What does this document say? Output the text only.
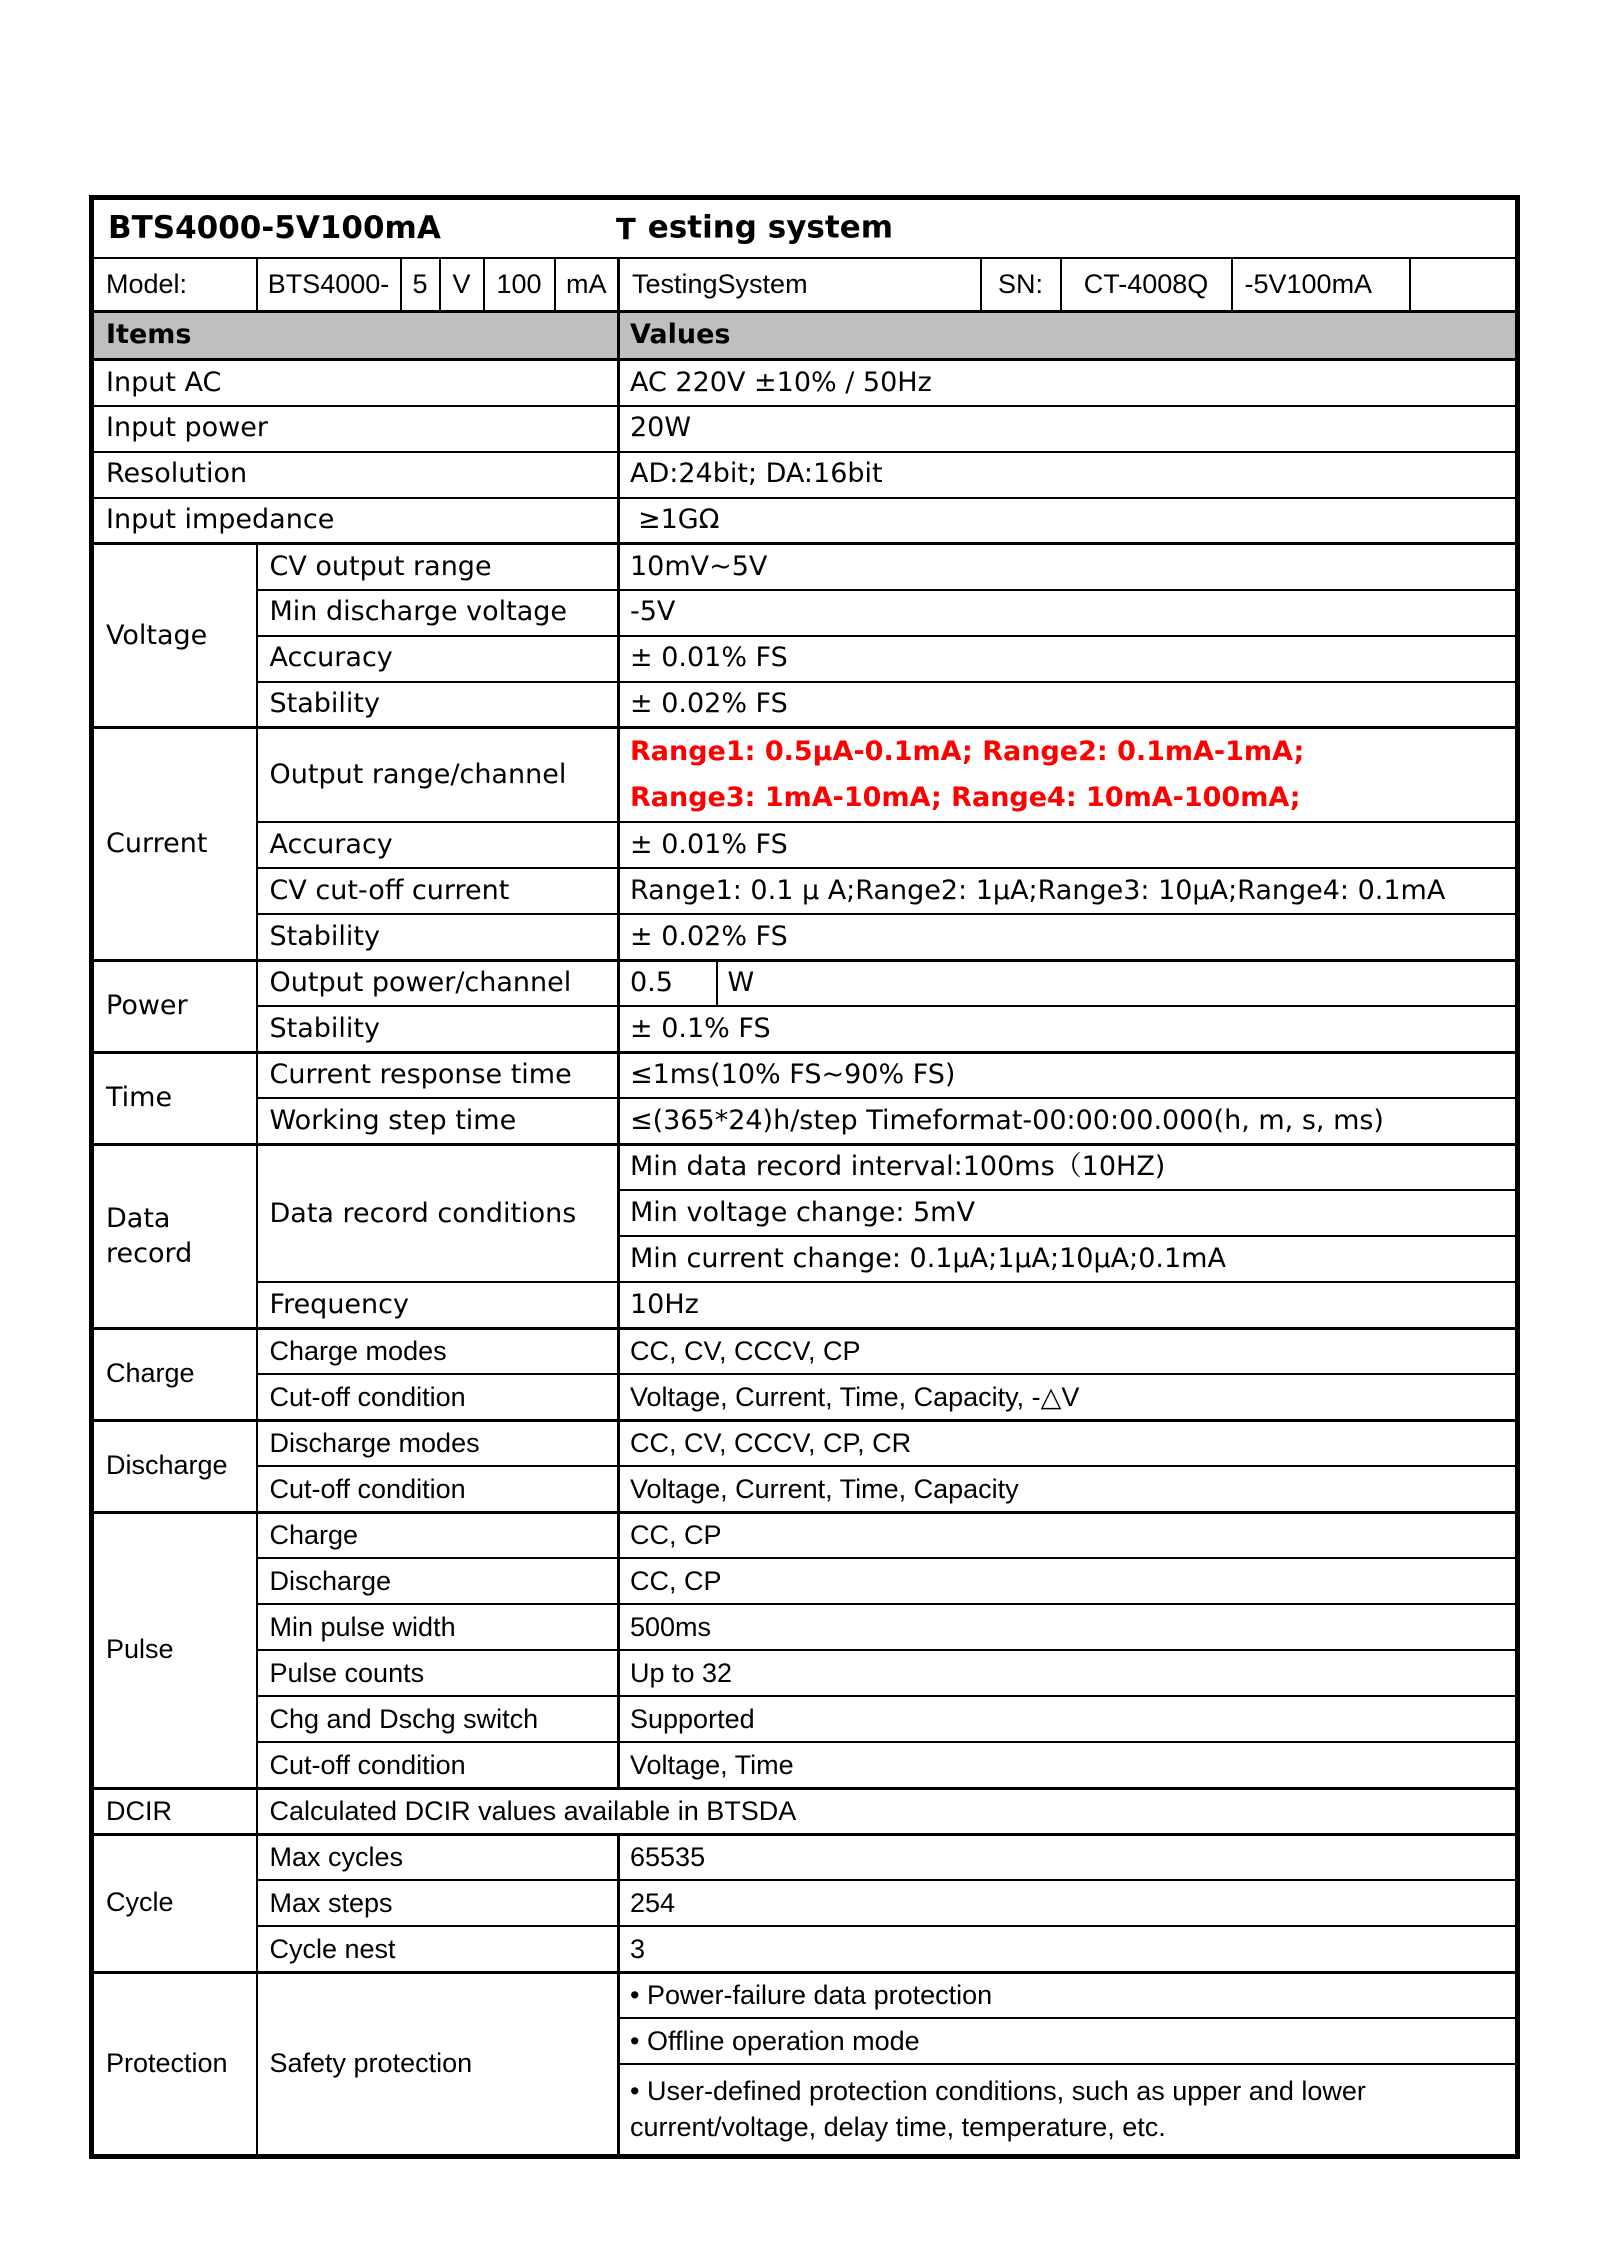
BTS4000-5V100mA T esting system											

Model:	BTS4000-	5	V	100	mA	TestingSystem		SN:	CT-4008Q	-5V100mA	
Items						Values					
Input AC						AC 220V ±10% / 50Hz					
Input power						20W					
Resolution						AD:24bit; DA:16bit					
Input impedance						≥1GΩ					
Voltage	CV output range					10mV~5V					
	Min discharge voltage					-5V					
	Accuracy					± 0.01% FS					
	Stability					± 0.02% FS					
Current	Output range/channel					Range1: 0.5µA-0.1mA; Range2: 0.1mA-1mA;
Range3: 1mA-10mA; Range4: 10mA-100mA;					

	Accuracy					± 0.01% FS					
	CV cut-off current					Range1: 0.1 µ A;Range2: 1µA;Range3: 10µA;Range4: 0.1mA					
	Stability					± 0.02% FS					
Power	Output power/channel					0.5	W				
	Stability					± 0.1% FS					
Time	Current response time					≤1ms(10% FS~90% FS)					
	Working step time					≤(365*24)h/step Timeformat-00:00:00.000(h, m, s, ms)					
Data record	Data record conditions					Min data record interval:100ms（10HZ)					
						Min voltage change: 5mV					
						Min current change: 0.1µA;1µA;10µA;0.1mA					
	Frequency					10Hz					
Charge	Charge modes					CC, CV, CCCV, CP					
	Cut-off condition					Voltage, Current, Time, Capacity, -△V					
Discharge	Discharge modes					CC, CV, CCCV, CP, CR					
	Cut-off condition					Voltage, Current, Time, Capacity					
Pulse	Charge					CC, CP					
	Discharge					CC, CP					
	Min pulse width					500ms					
	Pulse counts					Up to 32					
	Chg and Dschg switch					Supported					
	Cut-off condition					Voltage, Time					
DCIR	Calculated DCIR values available in BTSDA										
Cycle	Max cycles					65535					
	Max steps					254					
	Cycle nest					3					
Protection	Safety protection					• Power-failure data protection					
						• Offline operation mode					
						• User-defined protection conditions, such as upper and lower current/voltage, delay time, temperature, etc.					
